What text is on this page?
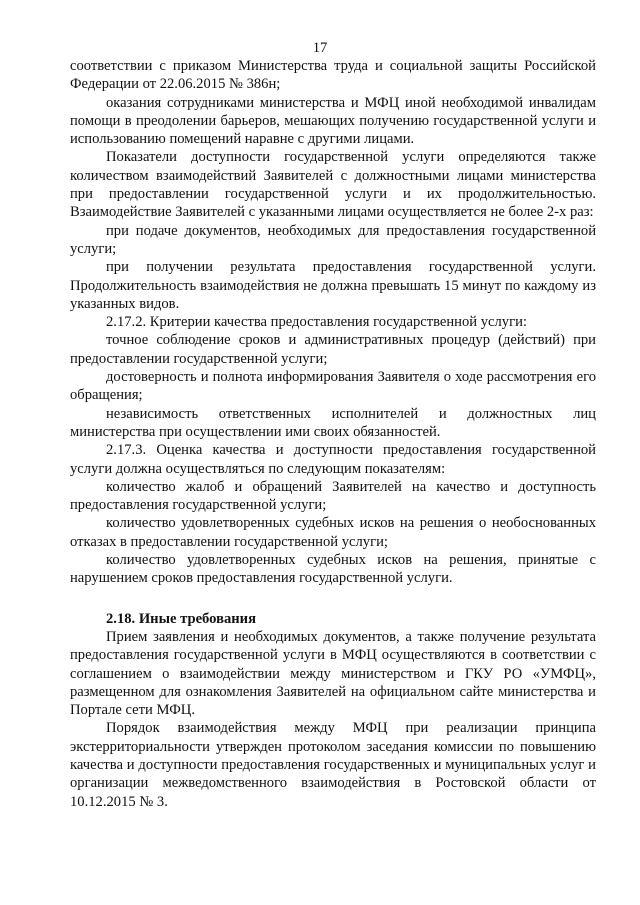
17

соответствии с приказом Министерства труда и социальной защиты Российской Федерации от 22.06.2015 № 386н;

оказания сотрудниками министерства и МФЦ иной необходимой инвалидам помощи в преодолении барьеров, мешающих получению государственной услуги и использованию помещений наравне с другими лицами.

Показатели доступности государственной услуги определяются также количеством взаимодействий Заявителей с должностными лицами министерства при предоставлении государственной услуги и их продолжительностью. Взаимодействие Заявителей с указанными лицами осуществляется не более 2-х раз:

при подаче документов, необходимых для предоставления государственной услуги;

при получении результата предоставления государственной услуги. Продолжительность взаимодействия не должна превышать 15 минут по каждому из указанных видов.

2.17.2. Критерии качества предоставления государственной услуги:

точное соблюдение сроков и административных процедур (действий) при предоставлении государственной услуги;

достоверность и полнота информирования Заявителя о ходе рассмотрения его обращения;

независимость ответственных исполнителей и должностных лиц министерства при осуществлении ими своих обязанностей.

2.17.3. Оценка качества и доступности предоставления государственной услуги должна осуществляться по следующим показателям:

количество жалоб и обращений Заявителей на качество и доступность предоставления государственной услуги;

количество удовлетворенных судебных исков на решения о необоснованных отказах в предоставлении государственной услуги;

количество удовлетворенных судебных исков на решения, принятые с нарушением сроков предоставления государственной услуги.

2.18. Иные требования

Прием заявления и необходимых документов, а также получение результата предоставления государственной услуги в МФЦ осуществляются в соответствии с соглашением о взаимодействии между министерством и ГКУ РО «УМФЦ», размещенном для ознакомления Заявителей на официальном сайте министерства и Портале сети МФЦ.

Порядок взаимодействия между МФЦ при реализации принципа экстерриториальности утвержден протоколом заседания комиссии по повышению качества и доступности предоставления государственных и муниципальных услуг и организации межведомственного взаимодействия в Ростовской области от 10.12.2015 № 3.
